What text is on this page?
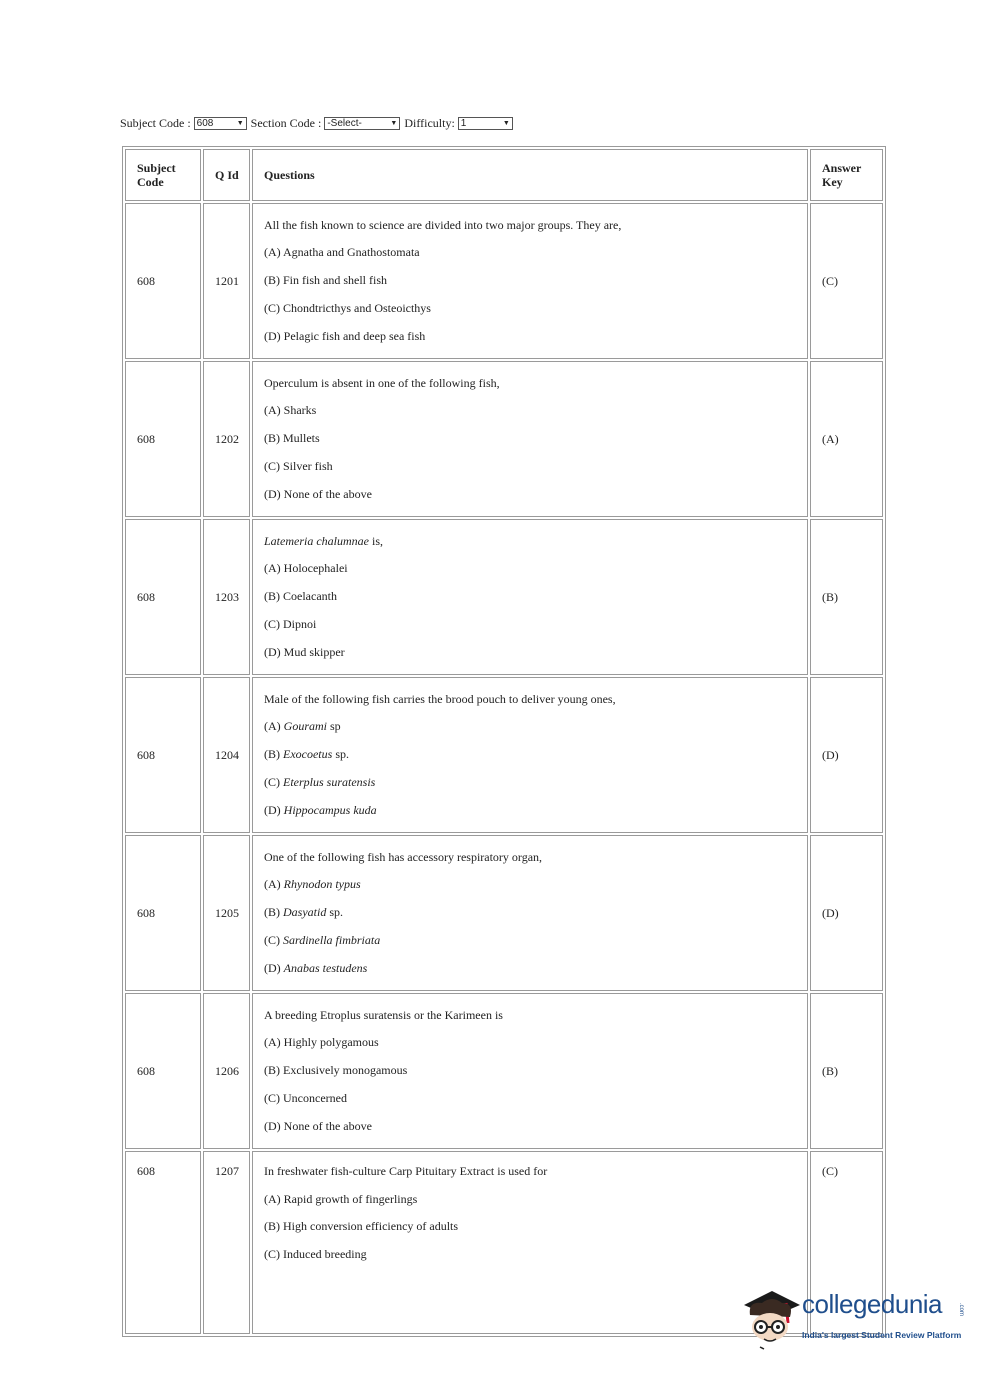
Subject Code : 608	▼ Section Code : -Select-	▼ Difficulty: 1	▼
Subject Code	Q Id	Questions	Answer Key
608	1201	All the fish known to science are divided into two major groups. They are,

(A) Agnatha and Gnathostomata

(B) Fin fish and shell fish

(C) Chondtricthys and Osteoicthys

(D) Pelagic fish and deep sea fish	(C)
608	1202	Operculum is absent in one of the following fish,

(A) Sharks

(B) Mullets

(C) Silver fish

(D) None of the above	(A)
608	1203	Latemeria chalumnae is,

(A) Holocephalei

(B) Coelacanth

(C) Dipnoi

(D) Mud skipper	(B)
608	1204	Male of the following fish carries the brood pouch to deliver young ones,

(A) Gourami sp

(B) Exocoetus sp.

(C) Eterplus suratensis

(D) Hippocampus kuda	(D)
608	1205	One of the following fish has accessory respiratory organ,

(A) Rhynodon typus

(B) Dasyatid sp.

(C) Sardinella fimbriata

(D) Anabas testudens	(D)
608	1206	A breeding Etroplus suratensis or the Karimeen is

(A) Highly polygamous

(B) Exclusively monogamous

(C) Unconcerned

(D) None of the above	(B)
608	1207	In freshwater fish-culture Carp Pituitary Extract is used for

(A) Rapid growth of fingerlings

(B) High conversion efficiency of adults

(C) Induced breeding	(C)
collegedunia	.com
India's largest Student Review Platform
